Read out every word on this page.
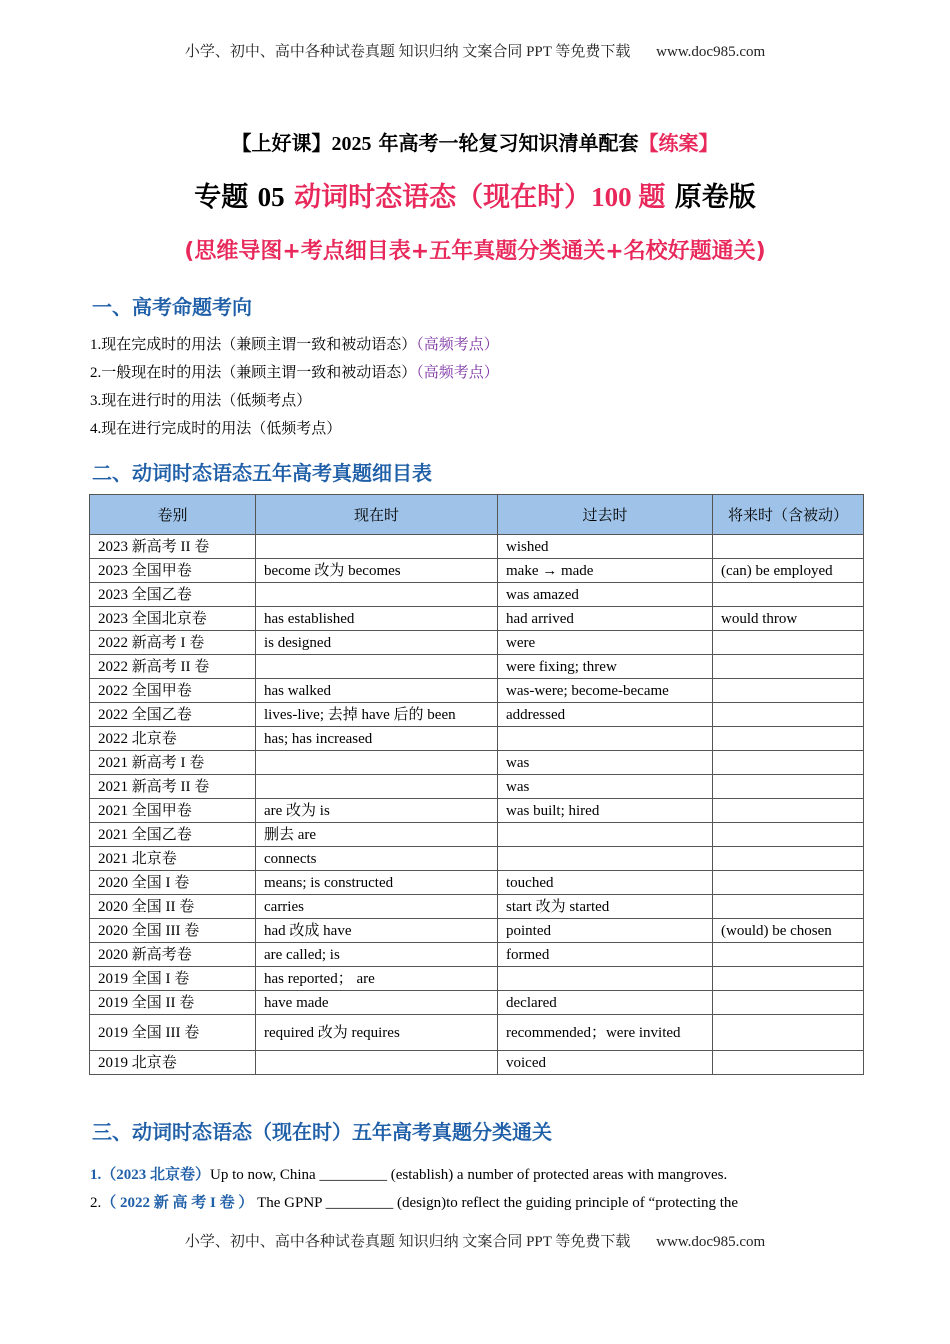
小学、初中、高中各种试卷真题 知识归纳 文案合同 PPT 等免费下载 www.doc985.com
【上好课】2025 年高考一轮复习知识清单配套【练案】
专题 05 动词时态语态（现在时）100 题 原卷版
(思维导图+考点细目表+五年真题分类通关+名校好题通关)
一、高考命题考向
1.现在完成时的用法（兼顾主谓一致和被动语态）（高频考点）
2.一般现在时的用法（兼顾主谓一致和被动语态）（高频考点）
3.现在进行时的用法（低频考点）
4.现在进行完成时的用法（低频考点）
二、动词时态语态五年高考真题细目表
卷别	现在时	过去时	将来时（含被动）
2023 新高考 II 卷		wished	
2023 全国甲卷	become 改为 becomes	make → made	(can) be employed
2023 全国乙卷		was amazed	
2023 全国北京卷	has established	had arrived	would throw
2022 新高考 I 卷	is designed	were	
2022 新高考 II 卷		were fixing; threw	
2022 全国甲卷	has walked	was-were; become-became	
2022 全国乙卷	lives-live; 去掉 have 后的 been	addressed	
2022 北京卷	has; has increased		
2021 新高考 I 卷		was	
2021 新高考 II 卷		was	
2021 全国甲卷	are 改为 is	was built; hired	
2021 全国乙卷	删去 are		
2021 北京卷	connects		
2020 全国 I 卷	means; is constructed	touched	
2020 全国 II 卷	carries	start 改为 started	
2020 全国 III 卷	had 改成 have	pointed	(would) be chosen
2020 新高考卷	are called; is	formed	
2019 全国 I 卷	has reported； are		
2019 全国 II 卷	have made	declared	
2019 全国 III 卷	required 改为 requires	recommended；were invited	
2019 北京卷		voiced	
三、动词时态语态（现在时）五年高考真题分类通关
1.（2023 北京卷）Up to now, China _________ (establish) a number of protected areas with mangroves.
2.（ 2022 新 高 考 I 卷 ） The GPNP _________ (design)to reflect the guiding principle of “protecting the
小学、初中、高中各种试卷真题 知识归纳 文案合同 PPT 等免费下载 www.doc985.com
